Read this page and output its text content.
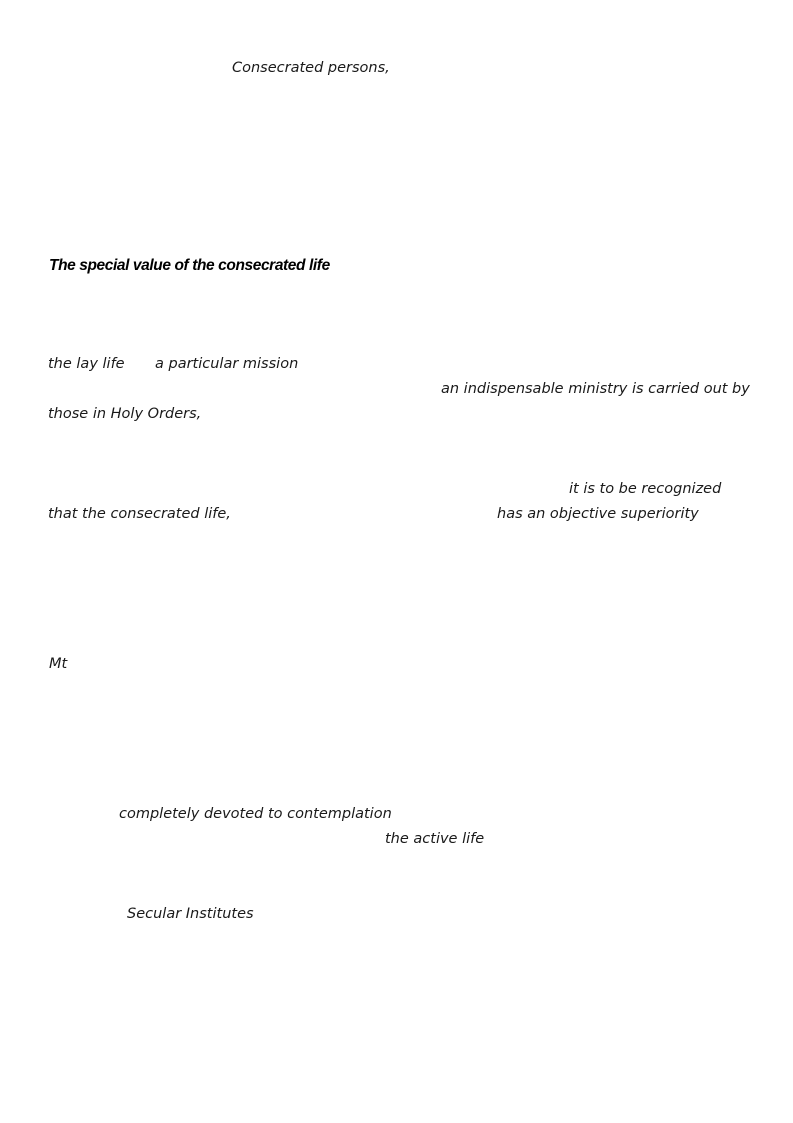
Consecrated persons,
The special value of the consecrated life
the lay life a particular mission
an indispensable ministry is carried out by
those in Holy Orders,
it is to be recognized
that the consecrated life,	has an objective superiority
Mt
completely devoted to contemplation
the active life
Secular Institutes
